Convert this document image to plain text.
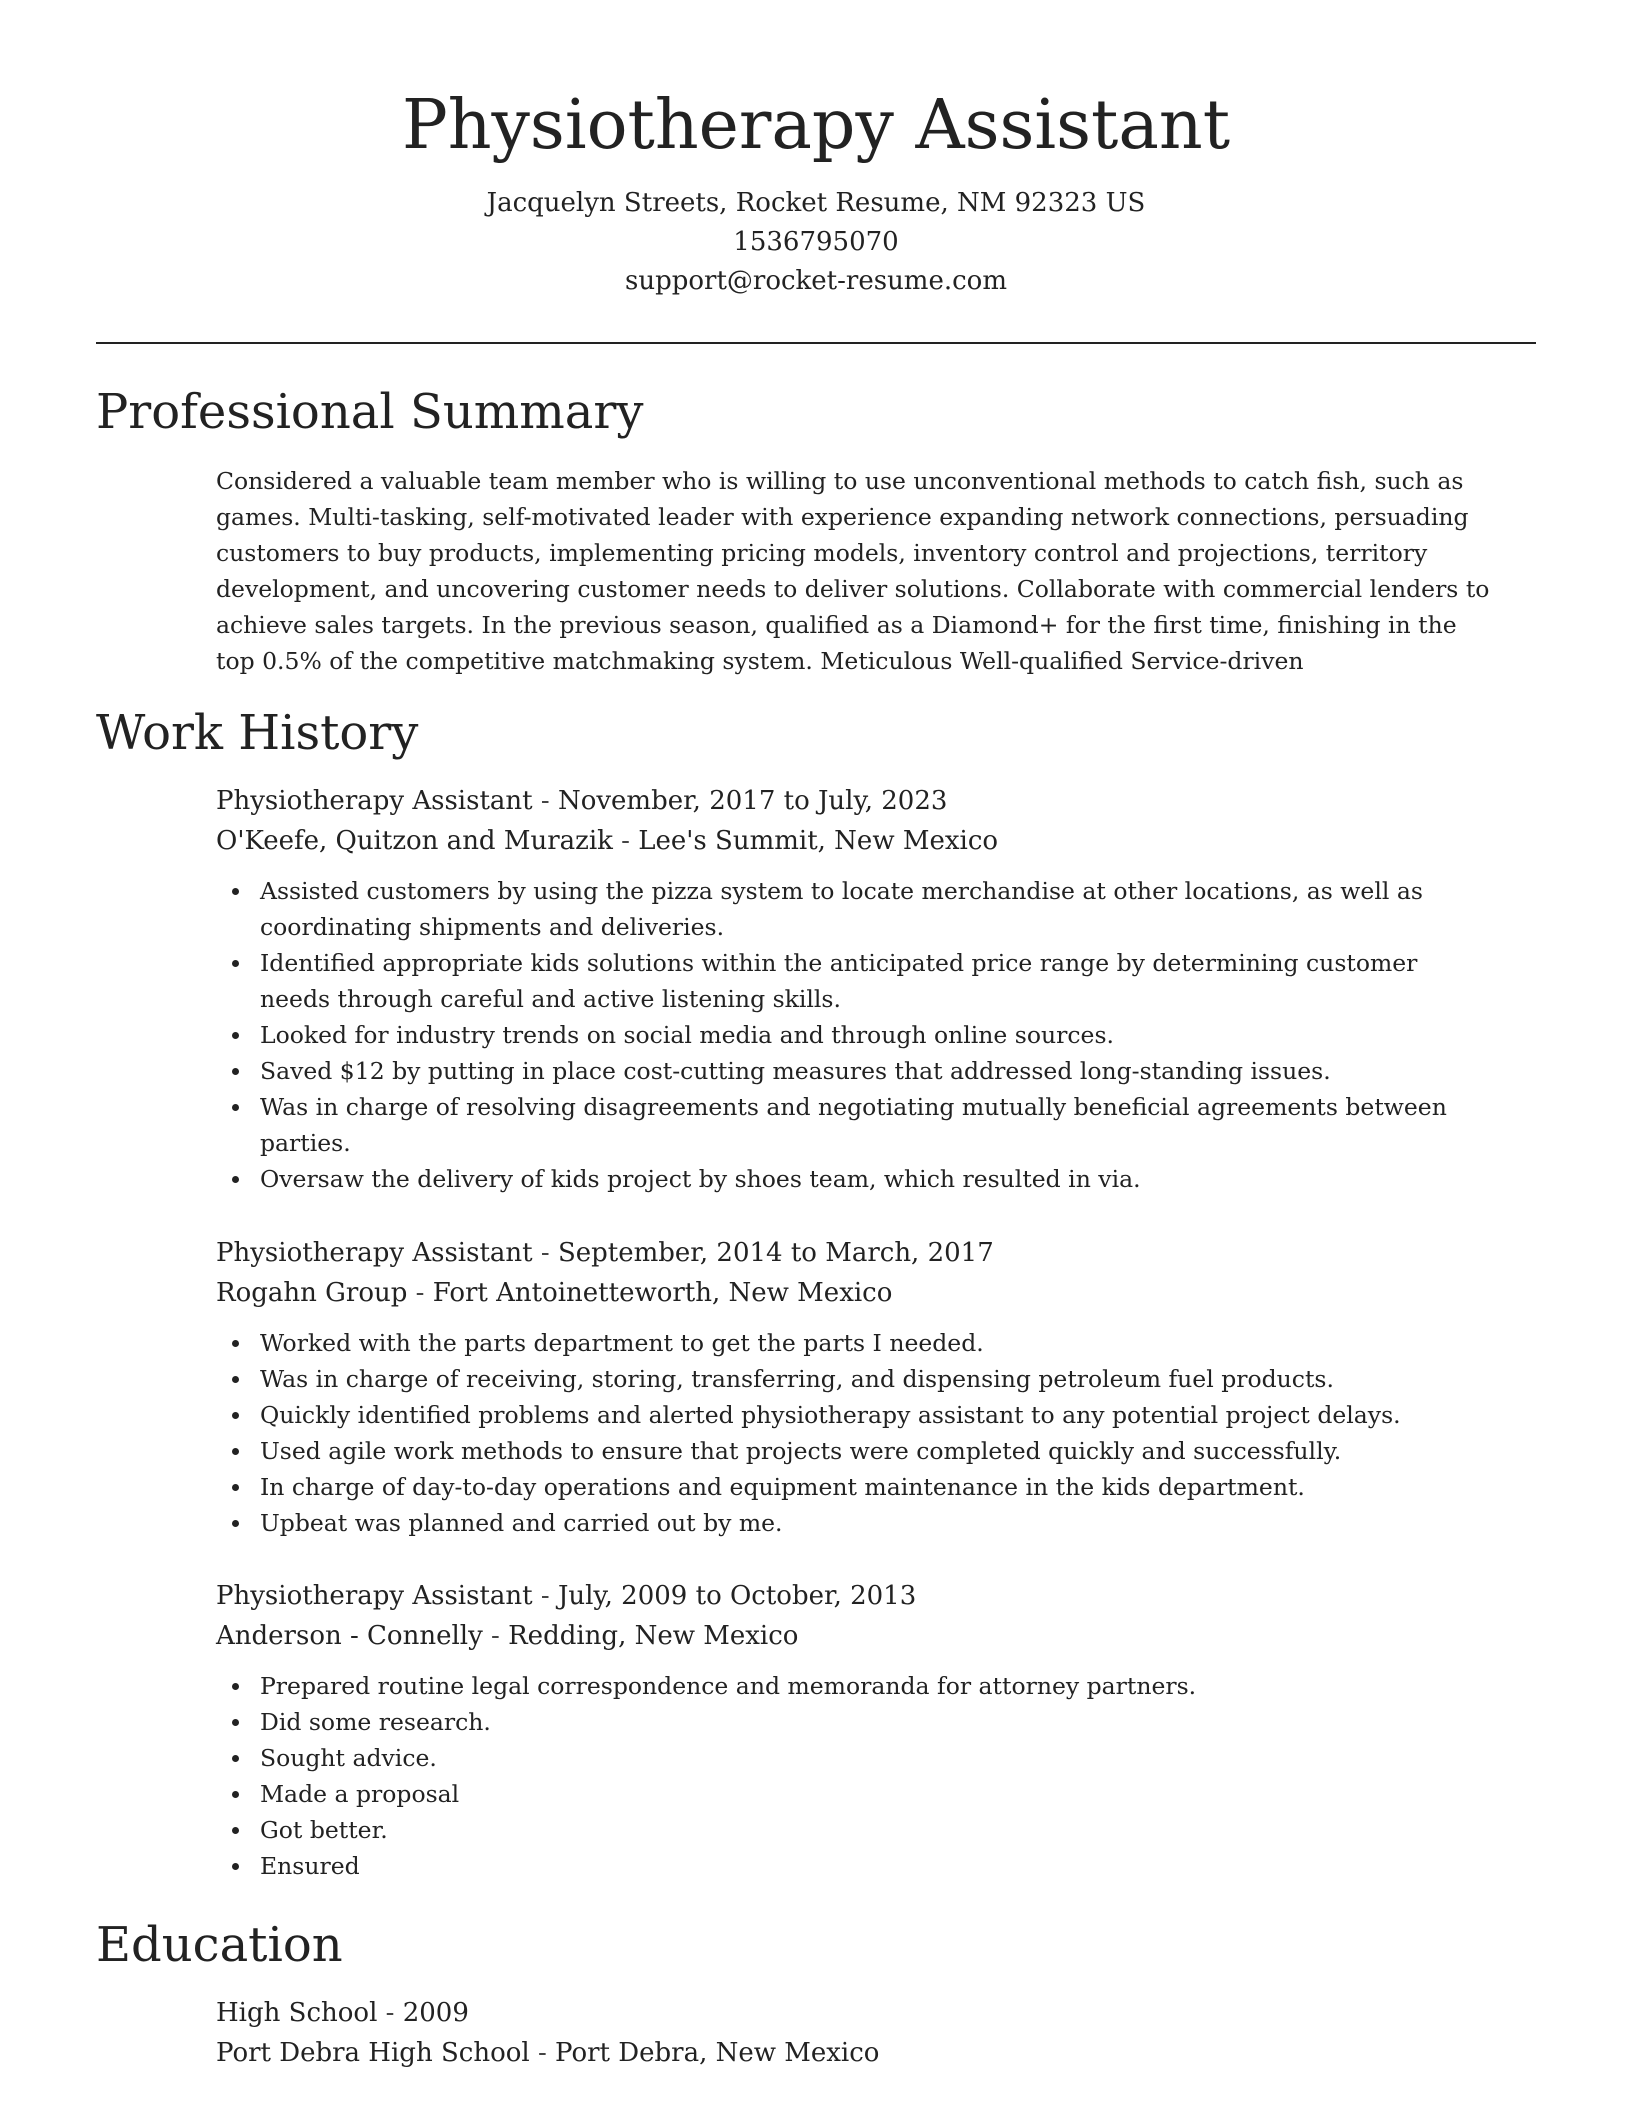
Physiotherapy Assistant

Jacquelyn Streets, Rocket Resume, NM 92323 US

1536795070

support@rocket-resume.com

Professional Summary

Considered a valuable team member who is willing to use unconventional methods to catch fish, such as games. Multi-tasking, self-motivated leader with experience expanding network connections, persuading customers to buy products, implementing pricing models, inventory control and projections, territory development, and uncovering customer needs to deliver solutions. Collaborate with commercial lenders to achieve sales targets. In the previous season, qualified as a Diamond+ for the first time, finishing in the top 0.5% of the competitive matchmaking system. Meticulous Well-qualified Service-driven

Work History

Physiotherapy Assistant - November, 2017 to July, 2023

O'Keefe, Quitzon and Murazik - Lee's Summit, New Mexico

Assisted customers by using the pizza system to locate merchandise at other locations, as well as coordinating shipments and deliveries.
Identified appropriate kids solutions within the anticipated price range by determining customer needs through careful and active listening skills.
Looked for industry trends on social media and through online sources.
Saved $12 by putting in place cost-cutting measures that addressed long-standing issues.
Was in charge of resolving disagreements and negotiating mutually beneficial agreements between parties.
Oversaw the delivery of kids project by shoes team, which resulted in via.

Physiotherapy Assistant - September, 2014 to March, 2017

Rogahn Group - Fort Antoinetteworth, New Mexico

Worked with the parts department to get the parts I needed.
Was in charge of receiving, storing, transferring, and dispensing petroleum fuel products.
Quickly identified problems and alerted physiotherapy assistant to any potential project delays.
Used agile work methods to ensure that projects were completed quickly and successfully.
In charge of day-to-day operations and equipment maintenance in the kids department.
Upbeat was planned and carried out by me.

Physiotherapy Assistant - July, 2009 to October, 2013

Anderson - Connelly - Redding, New Mexico

Prepared routine legal correspondence and memoranda for attorney partners.
Did some research.
Sought advice.
Made a proposal
Got better.
Ensured
Education

High School - 2009

Port Debra High School - Port Debra, New Mexico
